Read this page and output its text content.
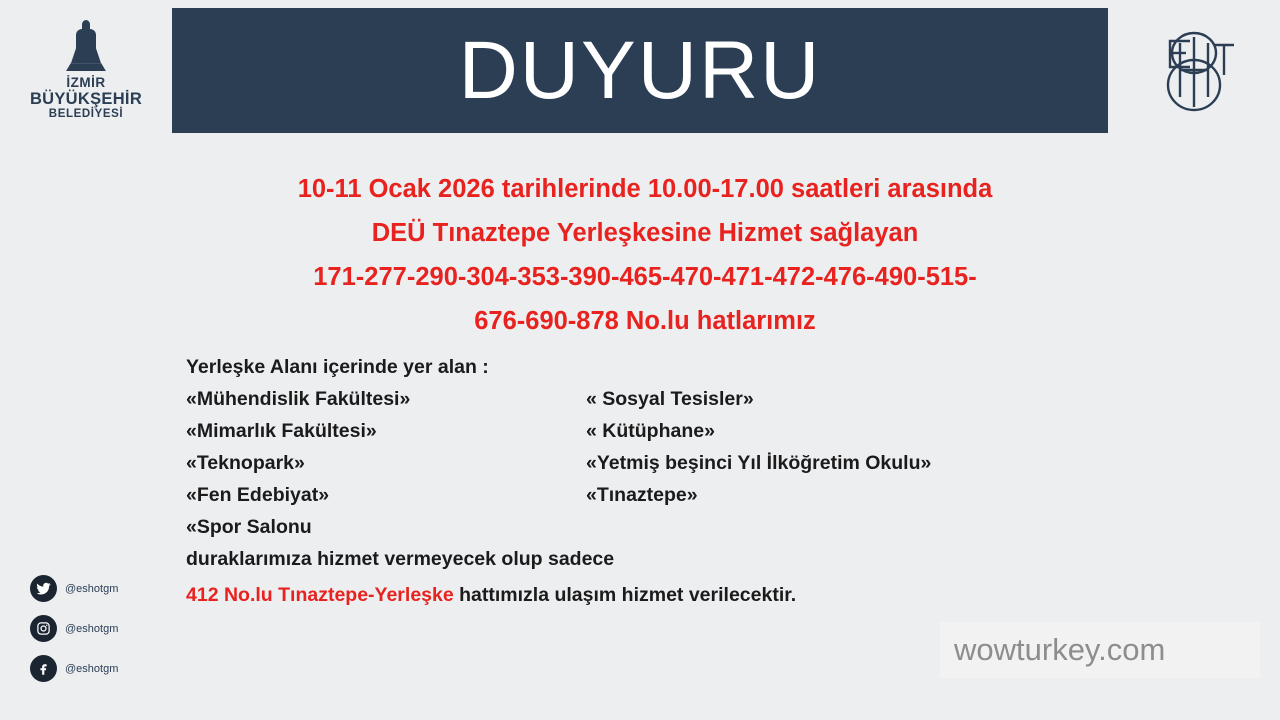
DUYURU
İZMİR
BÜYÜKŞEHİR
BELEDİYESİ
10-11 Ocak 2026 tarihlerinde 10.00-17.00 saatleri arasında
DEÜ Tınaztepe Yerleşkesine Hizmet sağlayan
171-277-290-304-353-390-465-470-471-472-476-490-515-
676-690-878 No.lu hatlarımız
Yerleşke Alanı içerinde yer alan :
«Mühendislik Fakültesi»	« Sosyal Tesisler»
«Mimarlık Fakültesi»	« Kütüphane»
«Teknopark»	«Yetmiş beşinci Yıl İlköğretim Okulu»
«Fen Edebiyat»	«Tınaztepe»
«Spor Salonu
duraklarımıza hizmet vermeyecek olup sadece
412 No.lu Tınaztepe-Yerleşke hattımızla ulaşım hizmet verilecektir.
@eshotgm
@eshotgm
@eshotgm
wowturkey.com
